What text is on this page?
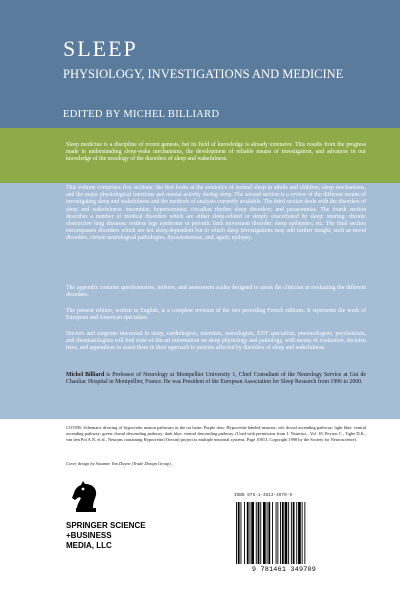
SLEEP
PHYSIOLOGY, INVESTIGATIONS AND MEDICINE
EDITED BY MICHEL BILLIARD
Sleep medicine is a discipline of recent genesis, but its field of knowledge is already extensive. This results from the progress made in understanding sleep-wake mechanisms, the development of reliable means of investigation, and advances in our knowledge of the nosology of the disorders of sleep and wakefulness.
This volume comprises five sections: the first looks at the semiotics of normal sleep in adults and children, sleep mechanisms, and the major physiological functions and mental activity during sleep. The second section is a review of the different means of investigating sleep and wakefulness and the methods of analysis currently available. The third section deals with the disorders of sleep and wakefulness: insomnias; hypersomnias; circadian rhythm sleep disorders; and parasomnias. The fourth section describes a number of medical disorders which are either sleep-related or simply exacerbated by sleep: snoring; chronic obstructive lung diseases; restless legs syndrome or periodic limb movement disorder; sleep epilepsies; etc. The final section encompasses disorders which are not sleep-dependent but to which sleep investigations may add further insight, such as mood disorders, certain neurological pathologies, dysautonomias, and, again, epilepsy.
The appendix contains questionnaires, indexes, and assessment scales designed to assist the clinician in evaluating the different disorders.
The present edition, written in English, is a complete revision of the two preceding French editions. It represents the work of European and American specialists.
Doctors and surgeons interested in sleep, cardiologists, internists, neurologists, ENT specialists, pneumologists, psychiatrists, and rheumatologists will find state-of-the-art information on sleep physiology and pathology, with means of evaluation, decision trees, and appendices to assist them in their approach to patients affected by disorders of sleep and wakefulness.
Michel Billiard is Professor of Neurology at Montpellier University 1, Chief Consultant of the Neurology Service at Gui de Chauliac Hospital in Montpellier, France. He was President of the European Association for Sleep Research from 1996 to 2000.
COVER: Schematic drawing of hypocretin neuron pathways in the rat brain. Purple dots: Hypocretin-labeled neurons; red: dorsal ascending pathway; light blue: ventral ascending pathway; green: dorsal descending pathway; dark blue: ventral descending pathway. (Used with permission from J. Neurosci., Vol. 18, Peyron C., Tighe D.K., van den Pol A.N. et al., Neurons containing Hypocretin (Orexin) project to multiple neuronal systems. Page 10013, Copyright 1998 by the Society for Neuroscience).
Cover design by Susanne Van Duyne (Trade Design Group).
SPRINGER SCIENCE
+BUSINESS
MEDIA, LLC
ISBN 978-1-4613-4970-9
9 781461 349709
